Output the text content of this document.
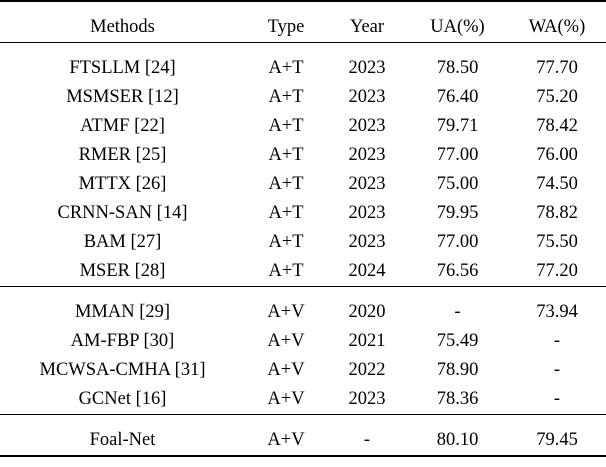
Methods	Type	Year	UA(%)	WA(%)

FTSLLM [24]	A+T	2023	78.50	77.70
MSMSER [12]	A+T	2023	76.40	75.20
ATMF [22]	A+T	2023	79.71	78.42
RMER [25]	A+T	2023	77.00	76.00
MTTX [26]	A+T	2023	75.00	74.50
CRNN-SAN [14]	A+T	2023	79.95	78.82
BAM [27]	A+T	2023	77.00	75.50
MSER [28]	A+T	2024	76.56	77.20

MMAN [29]	A+V	2020	-	73.94
AM-FBP [30]	A+V	2021	75.49	-
MCWSA-CMHA [31]	A+V	2022	78.90	-
GCNet [16]	A+V	2023	78.36	-

Foal-Net	A+V	-	80.10	79.45
